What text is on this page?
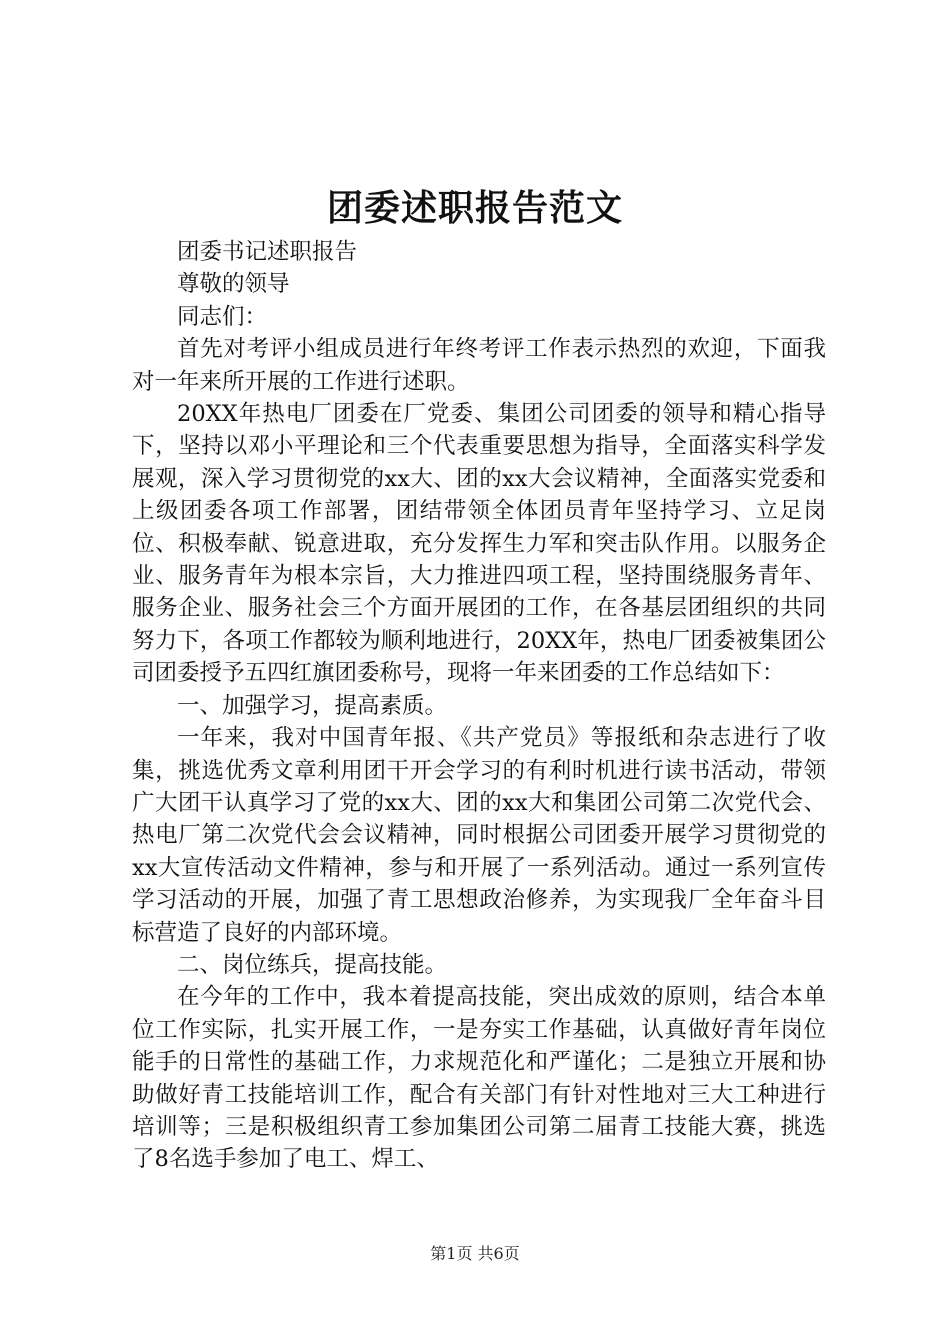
团委述职报告范文

团委书记述职报告

尊敬的领导

同志们：

首先对考评小组成员进行年终考评工作表示热烈的欢迎，下面我对一年来所开展的工作进行述职。

20XX年热电厂团委在厂党委、集团公司团委的领导和精心指导下，坚持以邓小平理论和三个代表重要思想为指导，全面落实科学发展观，深入学习贯彻党的xx大、团的xx大会议精神，全面落实党委和上级团委各项工作部署，团结带领全体团员青年坚持学习、立足岗位、积极奉献、锐意进取，充分发挥生力军和突击队作用。以服务企业、服务青年为根本宗旨，大力推进四项工程，坚持围绕服务青年、服务企业、服务社会三个方面开展团的工作，在各基层团组织的共同努力下，各项工作都较为顺利地进行，20XX年，热电厂团委被集团公司团委授予五四红旗团委称号，现将一年来团委的工作总结如下：

一、加强学习，提高素质。

一年来，我对中国青年报、《共产党员》等报纸和杂志进行了收集，挑选优秀文章利用团干开会学习的有利时机进行读书活动，带领广大团干认真学习了党的xx大、团的xx大和集团公司第二次党代会、热电厂第二次党代会会议精神，同时根据公司团委开展学习贯彻党的xx大宣传活动文件精神，参与和开展了一系列活动。通过一系列宣传学习活动的开展，加强了青工思想政治修养，为实现我厂全年奋斗目标营造了良好的内部环境。

二、岗位练兵，提高技能。

在今年的工作中，我本着提高技能，突出成效的原则，结合本单位工作实际，扎实开展工作，一是夯实工作基础，认真做好青年岗位能手的日常性的基础工作，力求规范化和严谨化；二是独立开展和协助做好青工技能培训工作，配合有关部门有针对性地对三大工种进行培训等；三是积极组织青工参加集团公司第二届青工技能大赛，挑选了8名选手参加了电工、焊工、

第1页 共6页
